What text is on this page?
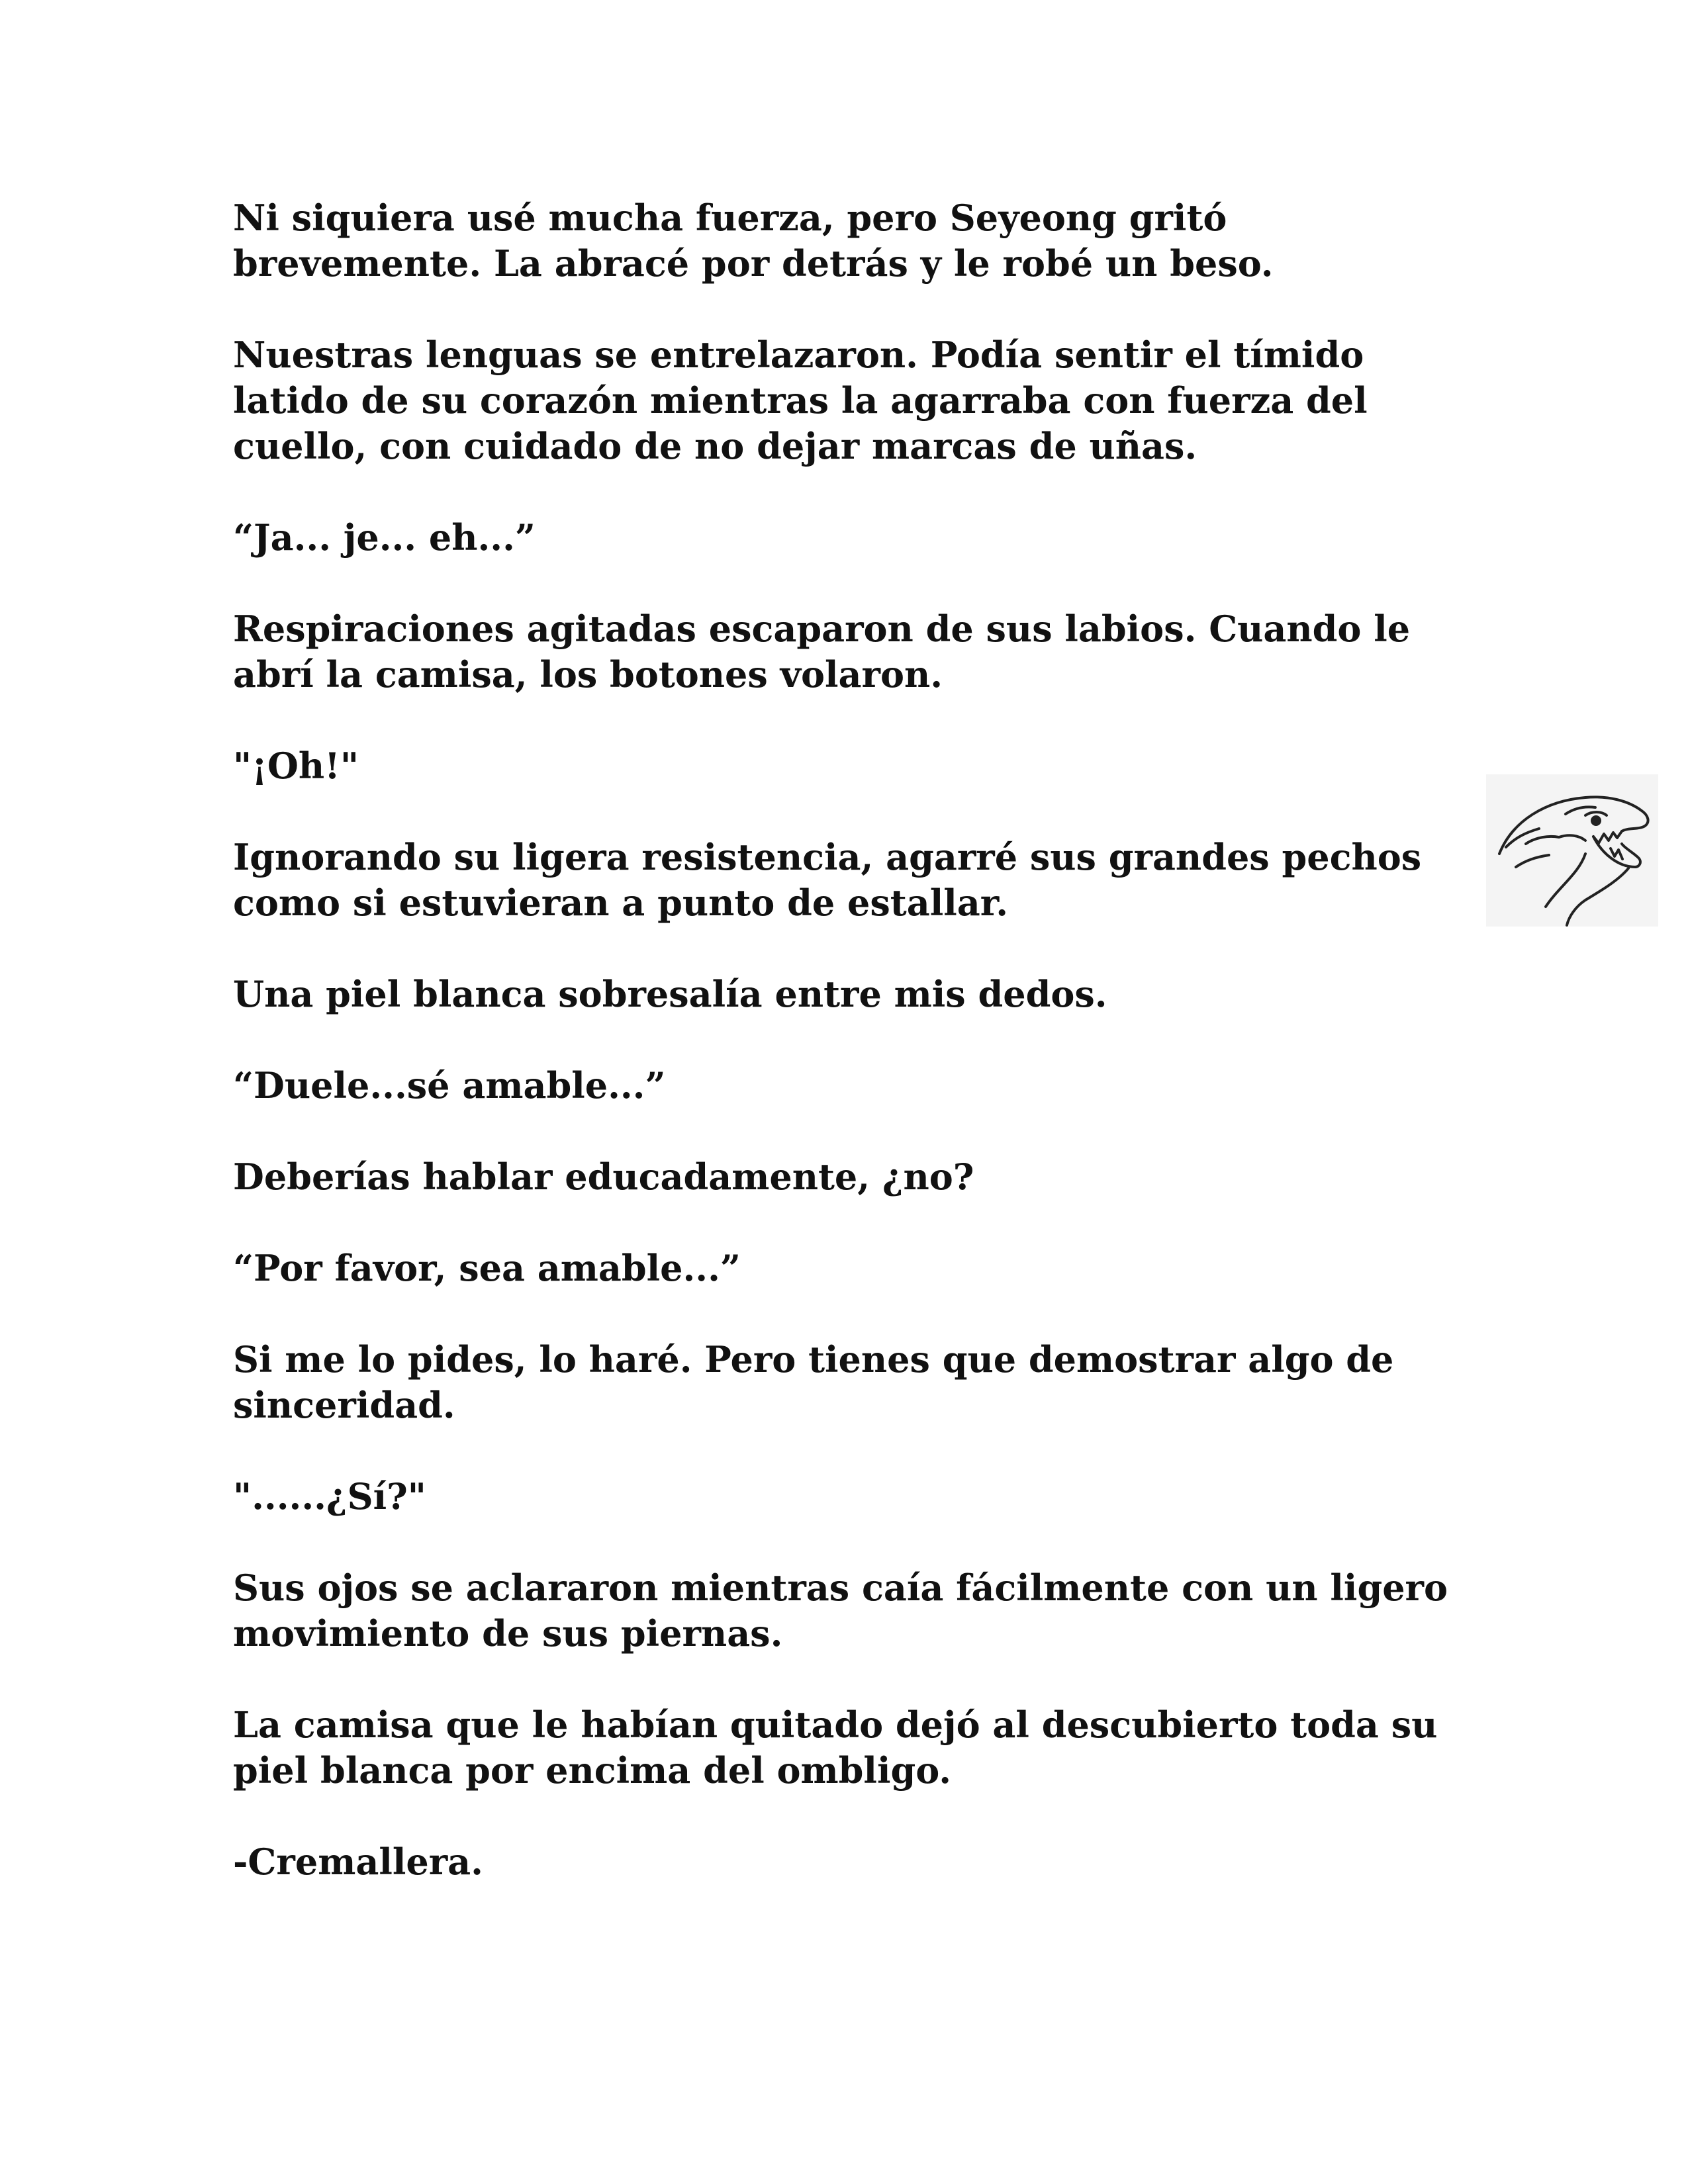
Ni siquiera usé mucha fuerza, pero Seyeong gritó brevemente. La abracé por detrás y le robé un beso.

Nuestras lenguas se entrelazaron. Podía sentir el tímido latido de su corazón mientras la agarraba con fuerza del cuello, con cuidado de no dejar marcas de uñas.

“Ja... je... eh...”

Respiraciones agitadas escaparon de sus labios. Cuando le abrí la camisa, los botones volaron.

"¡Oh!"

Ignorando su ligera resistencia, agarré sus grandes pechos como si estuvieran a punto de estallar.

Una piel blanca sobresalía entre mis dedos.

“Duele...sé amable...”

Deberías hablar educadamente, ¿no?

“Por favor, sea amable...”

Si me lo pides, lo haré. Pero tienes que demostrar algo de sinceridad.

"......¿Sí?"

Sus ojos se aclararon mientras caía fácilmente con un ligero movimiento de sus piernas.

La camisa que le habían quitado dejó al descubierto toda su piel blanca por encima del ombligo.

-Cremallera.
